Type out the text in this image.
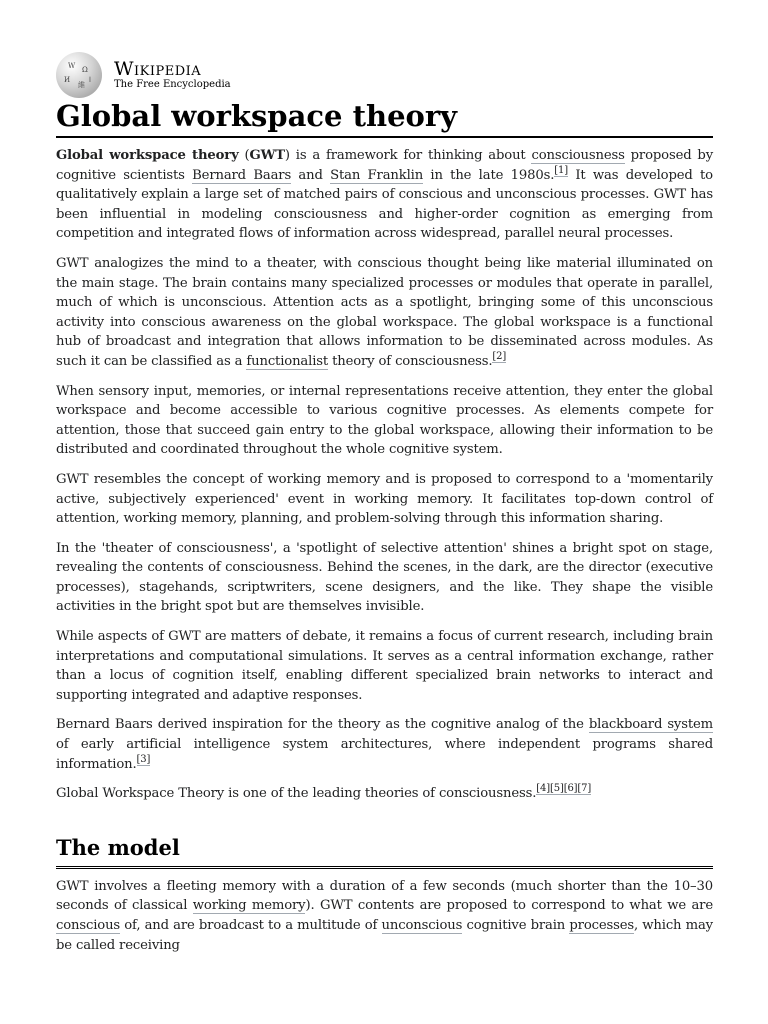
W Ω
И
維
ا Wikipedia
The Free Encyclopedia
Global workspace theory

Global workspace theory (GWT) is a framework for thinking about consciousness proposed by cognitive scientists Bernard Baars and Stan Franklin in the late 1980s.[1] It was developed to qualitatively explain a large set of matched pairs of conscious and unconscious processes. GWT has been influential in modeling consciousness and higher-order cognition as emerging from competition and integrated flows of information across widespread, parallel neural processes.

GWT analogizes the mind to a theater, with conscious thought being like material illuminated on the main stage. The brain contains many specialized processes or modules that operate in parallel, much of which is unconscious. Attention acts as a spotlight, bringing some of this unconscious activity into conscious awareness on the global workspace. The global workspace is a functional hub of broadcast and integration that allows information to be disseminated across modules. As such it can be classified as a functionalist theory of consciousness.[2]

When sensory input, memories, or internal representations receive attention, they enter the global workspace and become accessible to various cognitive processes. As elements compete for attention, those that succeed gain entry to the global workspace, allowing their information to be distributed and coordinated throughout the whole cognitive system.

GWT resembles the concept of working memory and is proposed to correspond to a 'momentarily active, subjectively experienced' event in working memory. It facilitates top-down control of attention, working memory, planning, and problem-solving through this information sharing.

In the 'theater of consciousness', a 'spotlight of selective attention' shines a bright spot on stage, revealing the contents of consciousness. Behind the scenes, in the dark, are the director (executive processes), stagehands, scriptwriters, scene designers, and the like. They shape the visible activities in the bright spot but are themselves invisible.

While aspects of GWT are matters of debate, it remains a focus of current research, including brain interpretations and computational simulations. It serves as a central information exchange, rather than a locus of cognition itself, enabling different specialized brain networks to interact and supporting integrated and adaptive responses.

Bernard Baars derived inspiration for the theory as the cognitive analog of the blackboard system of early artificial intelligence system architectures, where independent programs shared information.[3]

Global Workspace Theory is one of the leading theories of consciousness.[4][5][6][7]

The model

GWT involves a fleeting memory with a duration of a few seconds (much shorter than the 10–30 seconds of classical working memory). GWT contents are proposed to correspond to what we are conscious of, and are broadcast to a multitude of unconscious cognitive brain processes, which may be called receiving
